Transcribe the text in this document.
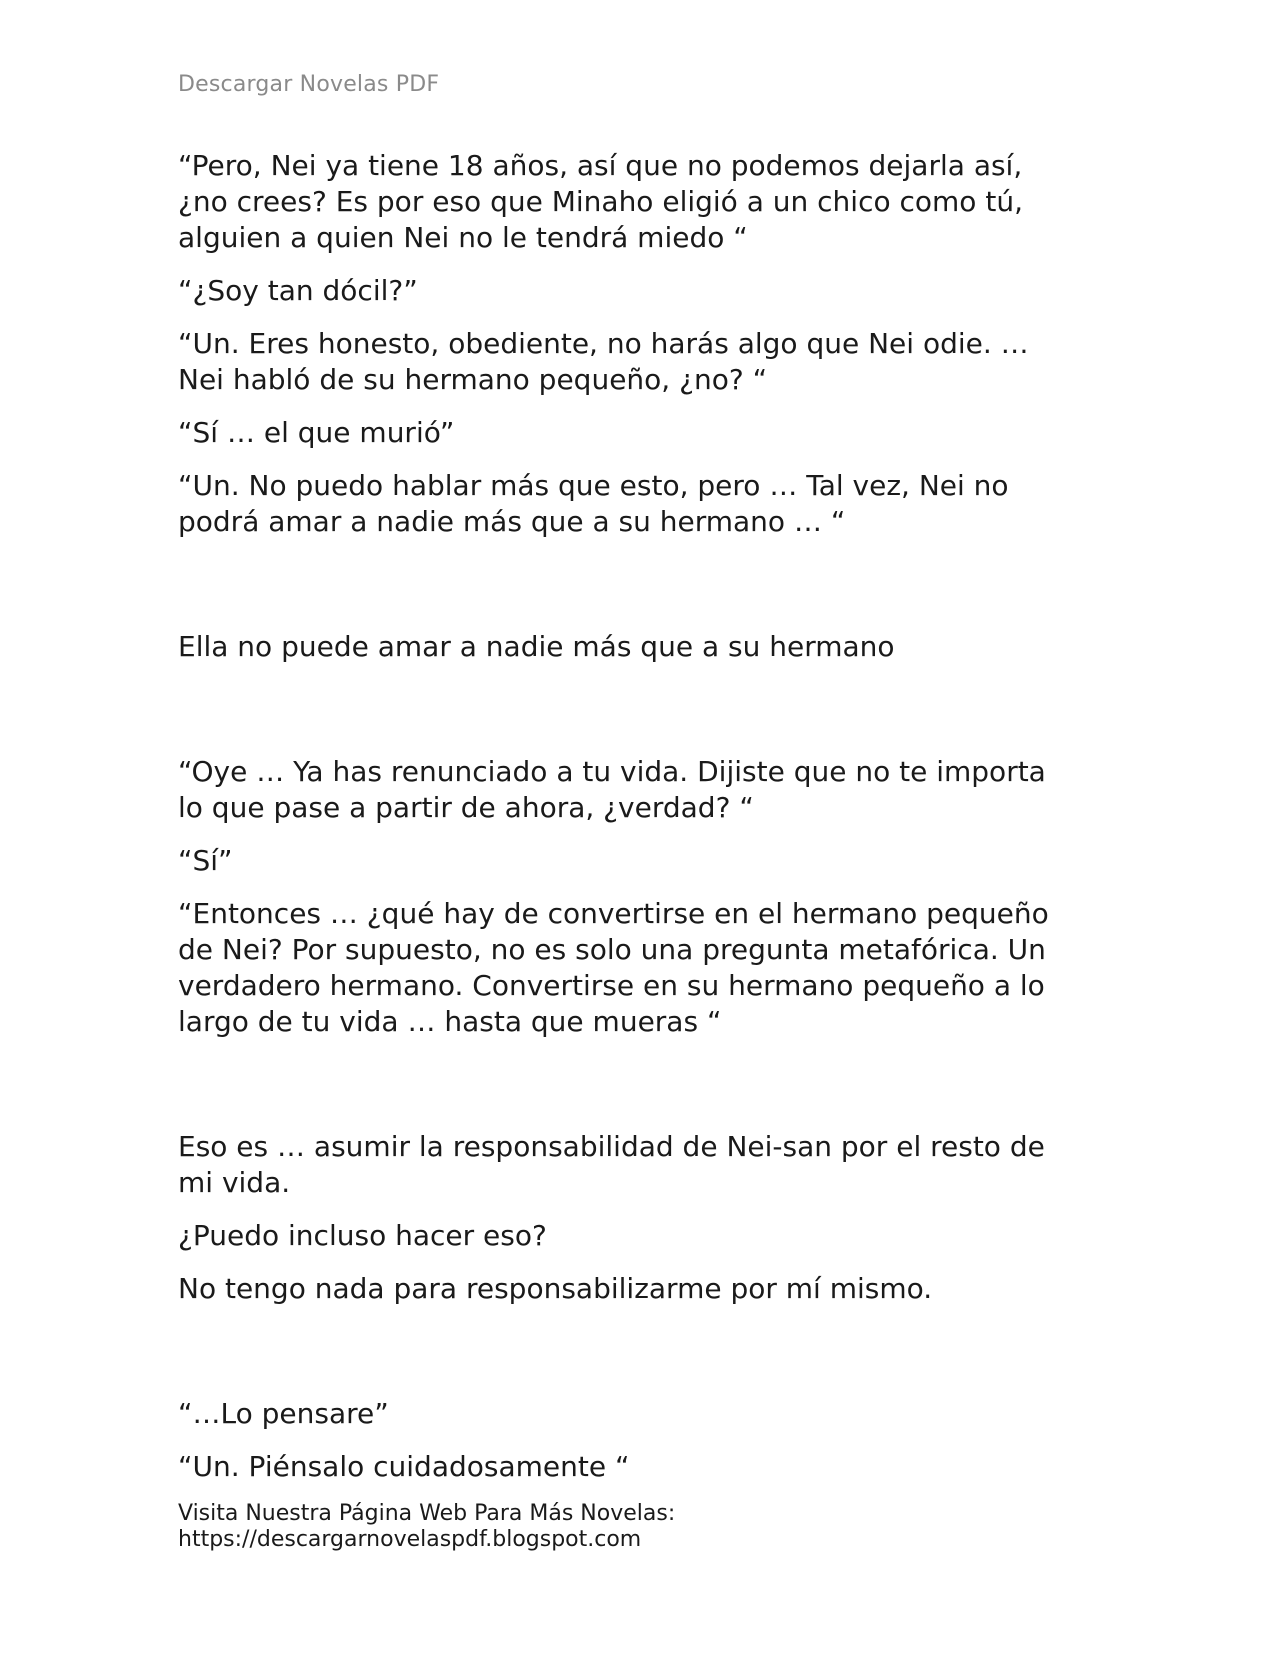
Descargar Novelas PDF

“Pero, Nei ya tiene 18 años, así que no podemos dejarla así,
¿no crees? Es por eso que Minaho eligió a un chico como tú,
alguien a quien Nei no le tendrá miedo “

“¿Soy tan dócil?”

“Un. Eres honesto, obediente, no harás algo que Nei odie. …
Nei habló de su hermano pequeño, ¿no? “

“Sí … el que murió”

“Un. No puedo hablar más que esto, pero … Tal vez, Nei no
podrá amar a nadie más que a su hermano … “

Ella no puede amar a nadie más que a su hermano

“Oye … Ya has renunciado a tu vida. Dijiste que no te importa
lo que pase a partir de ahora, ¿verdad? “

“Sí”

“Entonces … ¿qué hay de convertirse en el hermano pequeño
de Nei? Por supuesto, no es solo una pregunta metafórica. Un
verdadero hermano. Convertirse en su hermano pequeño a lo
largo de tu vida … hasta que mueras “

Eso es … asumir la responsabilidad de Nei-san por el resto de
mi vida.

¿Puedo incluso hacer eso?

No tengo nada para responsabilizarme por mí mismo.

“…Lo pensare”

“Un. Piénsalo cuidadosamente “

Visita Nuestra Página Web Para Más Novelas:
https://descargarnovelaspdf.blogspot.com
